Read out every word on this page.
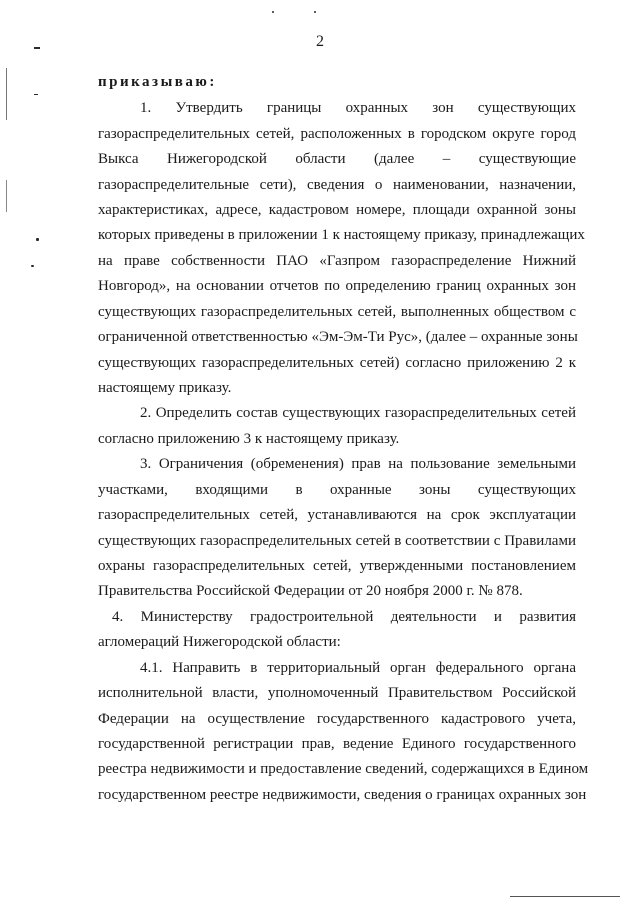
2
приказываю:
1. Утвердить границы охранных зон существующих
газораспределительных сетей, расположенных в городском округе город
Выкса Нижегородской области (далее – существующие
газораспределительные сети), сведения о наименовании, назначении,
характеристиках, адресе, кадастровом номере, площади охранной зоны
которых приведены в приложении 1 к настоящему приказу, принадлежащих
на праве собственности ПАО «Газпром газораспределение Нижний
Новгород», на основании отчетов по определению границ охранных зон
существующих газораспределительных сетей, выполненных обществом с
ограниченной ответственностью «Эм-Эм-Ти Рус», (далее – охранные зоны
существующих газораспределительных сетей) согласно приложению 2 к
настоящему приказу.
2. Определить состав существующих газораспределительных сетей
согласно приложению 3 к настоящему приказу.
3. Ограничения (обременения) прав на пользование земельными
участками, входящими в охранные зоны существующих
газораспределительных сетей, устанавливаются на срок эксплуатации
существующих газораспределительных сетей в соответствии с Правилами
охраны газораспределительных сетей, утвержденными постановлением
Правительства Российской Федерации от 20 ноября 2000 г. № 878.
4. Министерству градостроительной деятельности и развития
агломераций Нижегородской области:
4.1. Направить в территориальный орган федерального органа
исполнительной власти, уполномоченный Правительством Российской
Федерации на осуществление государственного кадастрового учета,
государственной регистрации прав, ведение Единого государственного
реестра недвижимости и предоставление сведений, содержащихся в Едином
государственном реестре недвижимости, сведения о границах охранных зон
